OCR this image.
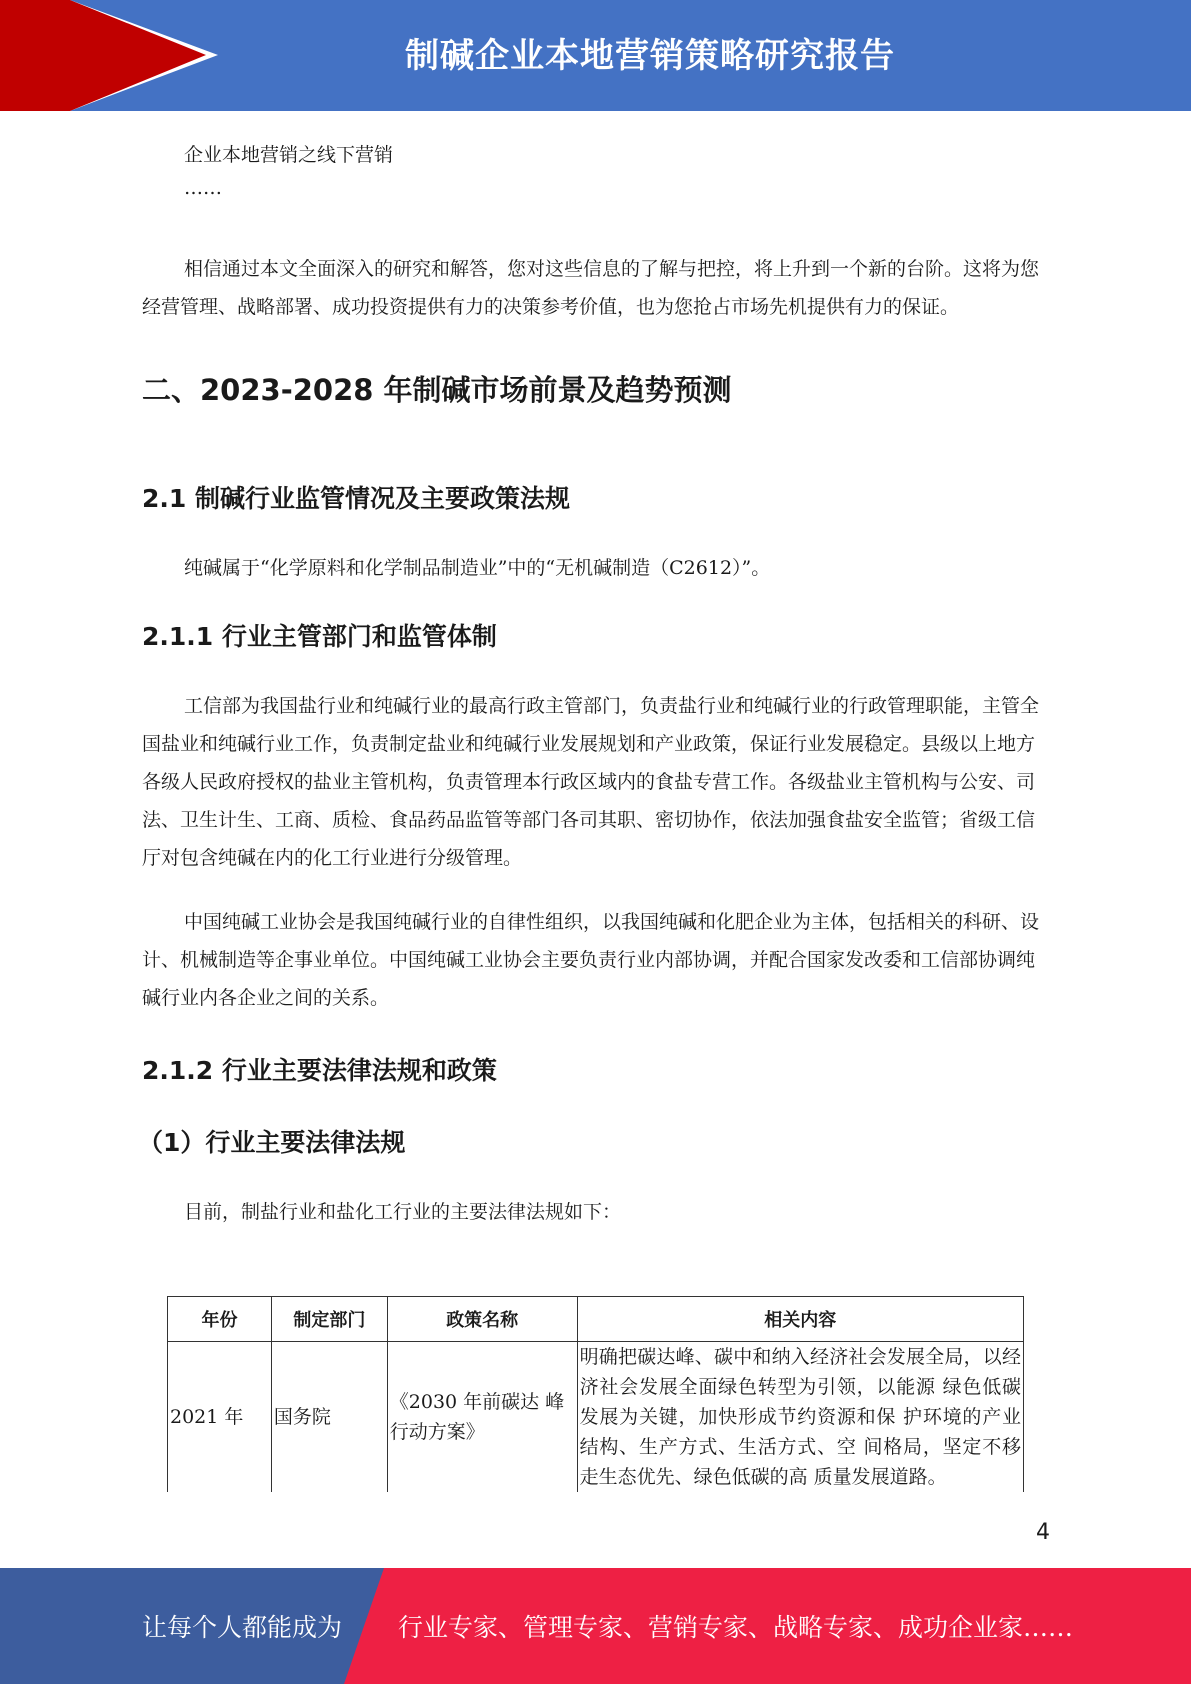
制碱企业本地营销策略研究报告

企业本地营销之线下营销

……

相信通过本文全面深入的研究和解答，您对这些信息的了解与把控，将上升到一个新的台阶。这将为您经营管理、战略部署、成功投资提供有力的决策参考价值，也为您抢占市场先机提供有力的保证。

二、2023-2028 年制碱市场前景及趋势预测
2.1 制碱行业监管情况及主要政策法规

纯碱属于“化学原料和化学制品制造业”中的“无机碱制造（C2612）”。

2.1.1 行业主管部门和监管体制

工信部为我国盐行业和纯碱行业的最高行政主管部门，负责盐行业和纯碱行业的行政管理职能，主管全国盐业和纯碱行业工作，负责制定盐业和纯碱行业发展规划和产业政策，保证行业发展稳定。县级以上地方各级人民政府授权的盐业主管机构，负责管理本行政区域内的食盐专营工作。各级盐业主管机构与公安、司法、卫生计生、工商、质检、食品药品监管等部门各司其职、密切协作，依法加强食盐安全监管；省级工信厅对包含纯碱在内的化工行业进行分级管理。

中国纯碱工业协会是我国纯碱行业的自律性组织，以我国纯碱和化肥企业为主体，包括相关的科研、设计、机械制造等企事业单位。中国纯碱工业协会主要负责行业内部协调，并配合国家发改委和工信部协调纯碱行业内各企业之间的关系。

2.1.2 行业主要法律法规和政策
（1）行业主要法律法规

目前，制盐行业和盐化工行业的主要法律法规如下：

年份	制定部门	政策名称	相关内容
2021 年	国务院	《2030 年前碳达 峰行动方案》	明确把碳达峰、碳中和纳入经济社会发展全局，以经济社会发展全面绿色转型为引领，以能源 绿色低碳发展为关键，加快形成节约资源和保 护环境的产业结构、生产方式、生活方式、空 间格局，坚定不移走生态优先、绿色低碳的高 质量发展道路。
4
让每个人都能成为 行业专家、管理专家、营销专家、战略专家、成功企业家……
